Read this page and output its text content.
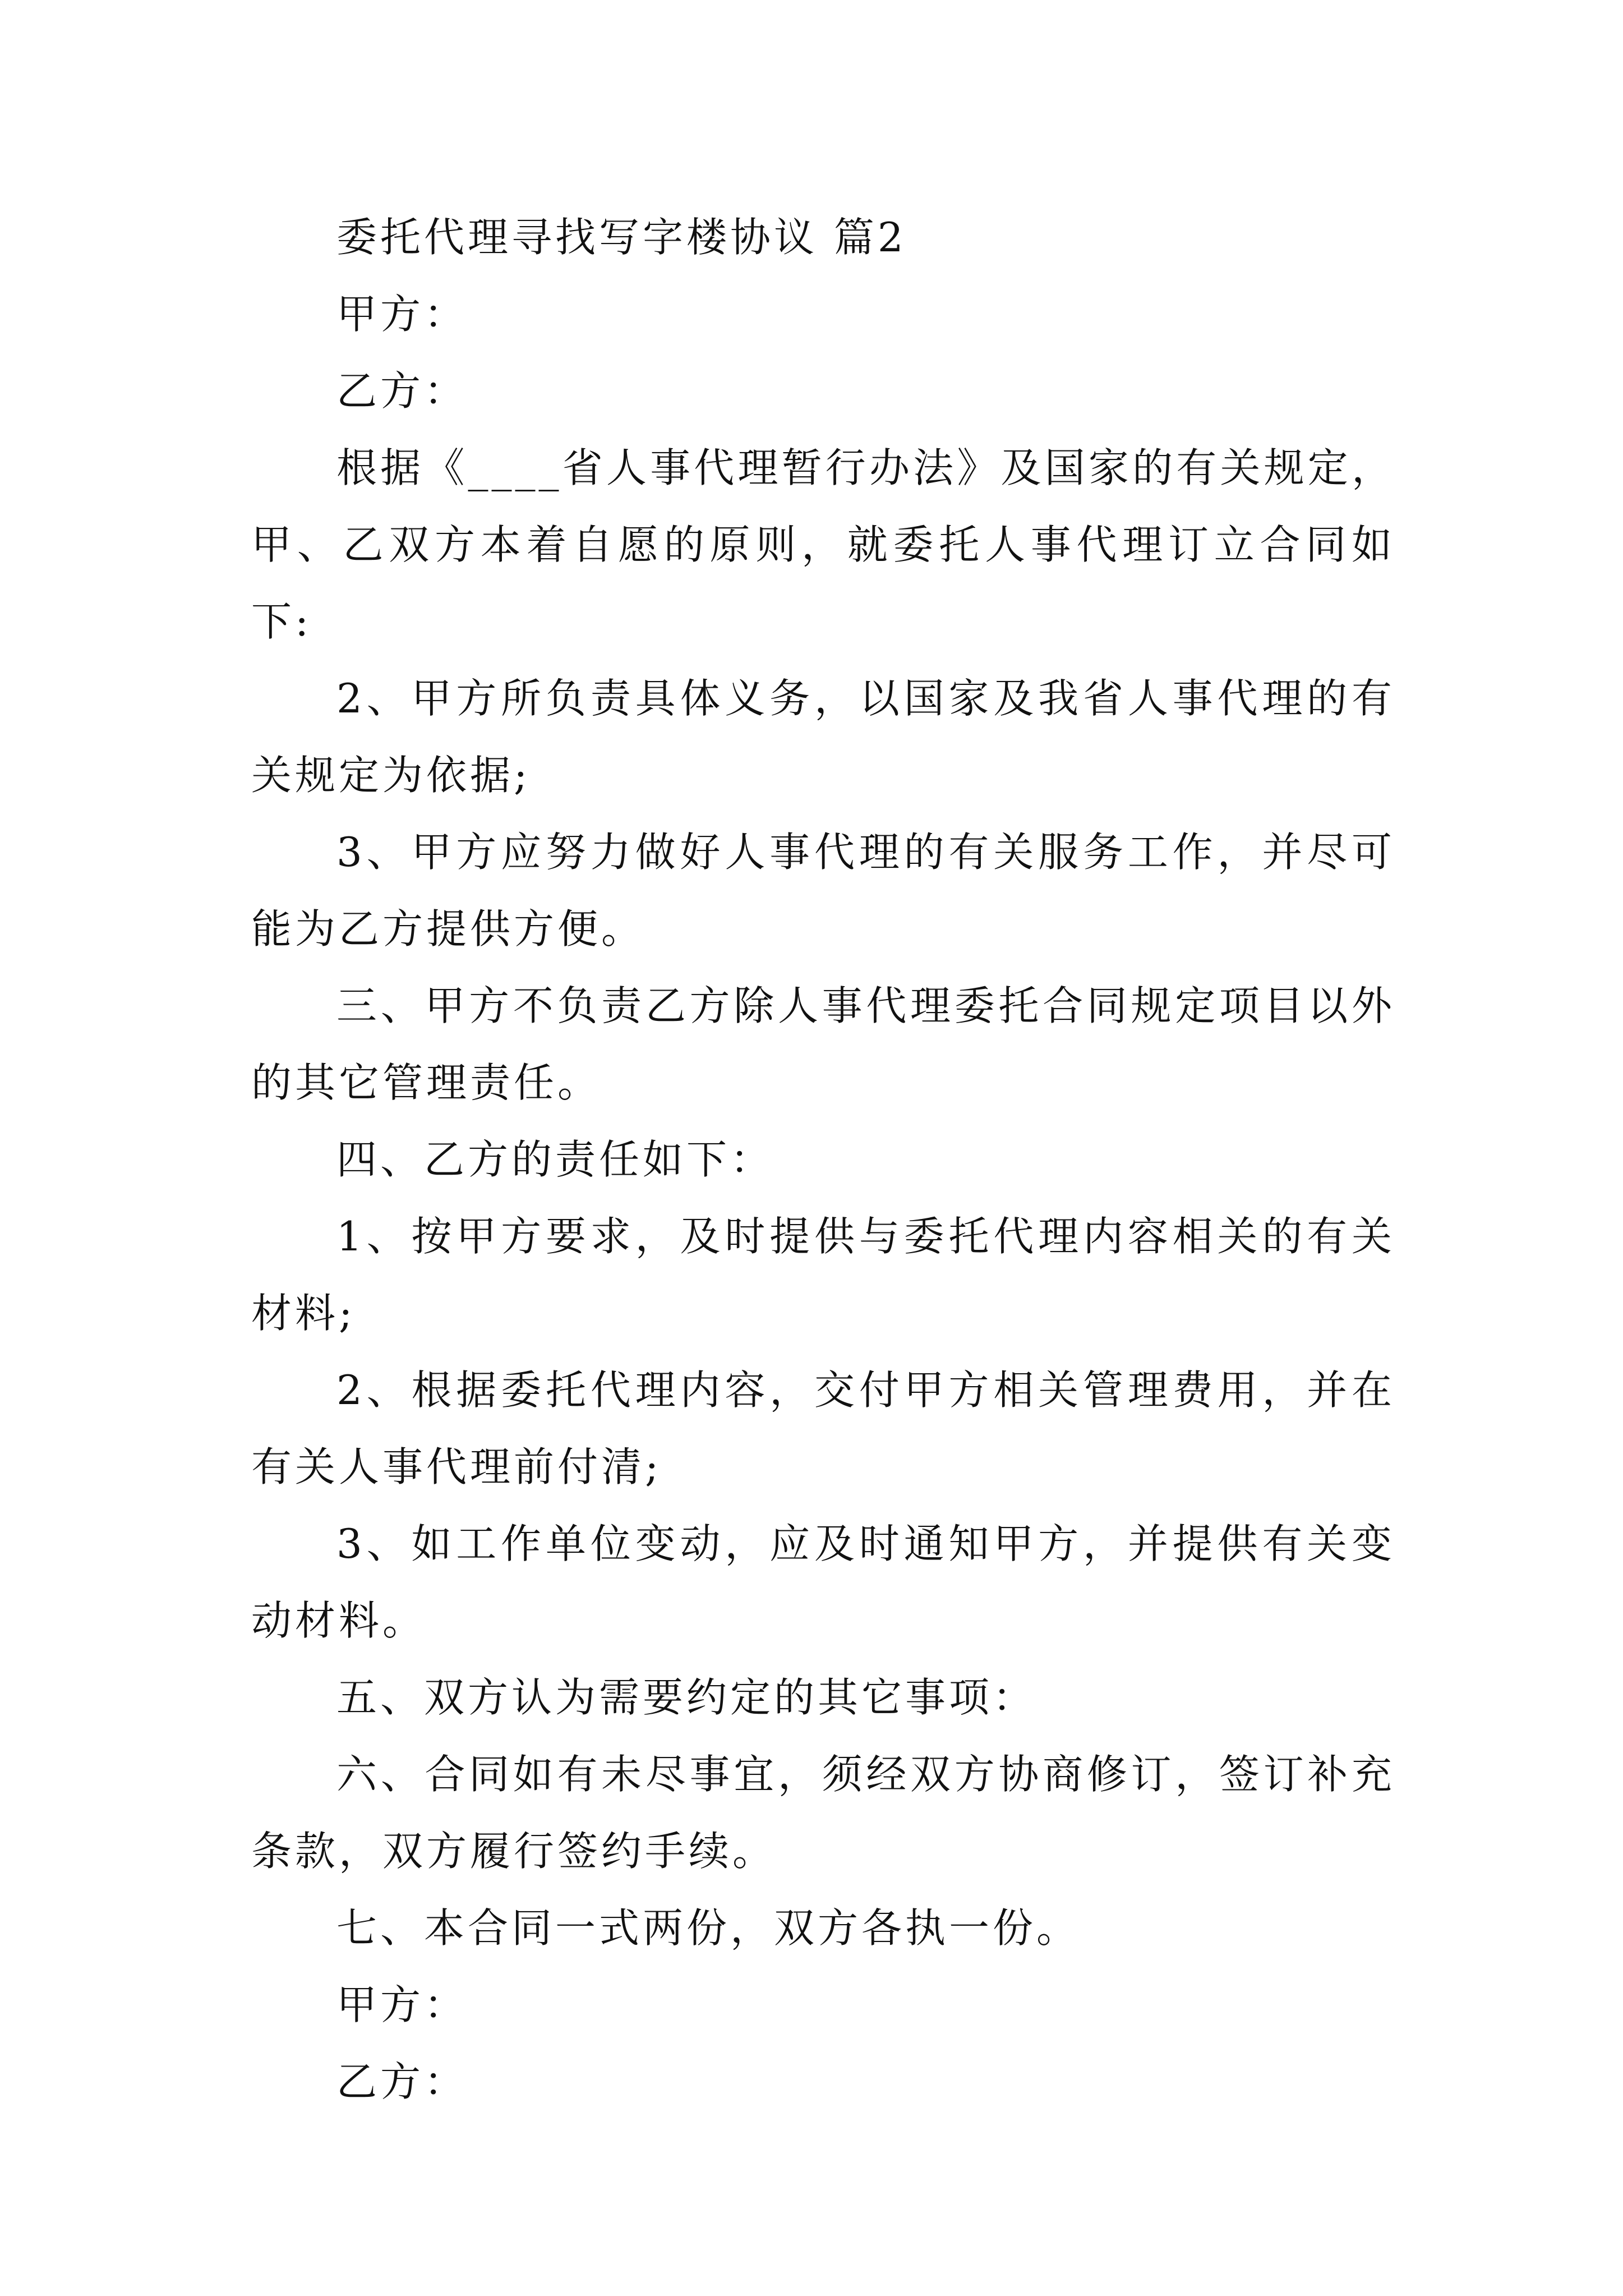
委托代理寻找写字楼协议 篇2

甲方：

乙方：

根据《____省人事代理暂行办法》及国家的有关规定，甲、乙双方本着自愿的原则，就委托人事代理订立合同如下:

2、甲方所负责具体义务，以国家及我省人事代理的有关规定为依据;

3、甲方应努力做好人事代理的有关服务工作，并尽可能为乙方提供方便。

三、甲方不负责乙方除人事代理委托合同规定项目以外的其它管理责任。

四、乙方的责任如下：

1、按甲方要求，及时提供与委托代理内容相关的有关材料;

2、根据委托代理内容，交付甲方相关管理费用，并在有关人事代理前付清;

3、如工作单位变动，应及时通知甲方，并提供有关变动材料。

五、双方认为需要约定的其它事项：

六、合同如有未尽事宜，须经双方协商修订，签订补充条款，双方履行签约手续。

七、本合同一式两份，双方各执一份。

甲方：

乙方：
